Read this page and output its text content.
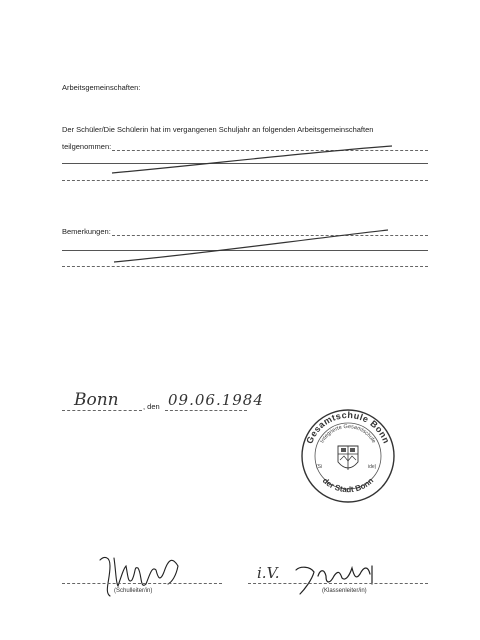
Arbeitsgemeinschaften:
Der Schüler/Die Schülerin hat im vergangenen Schuljahr an folgenden Arbeitsgemeinschaften
teilgenommen:
Bemerkungen:
Bonn	, den 09.06.1984
Gesamtschule Bonn
Integrierte Gesamtschule
der Stadt Bonn
(Si	ide)
(Schulleiter/in)
i.V.
(Klassenleiter/in)
